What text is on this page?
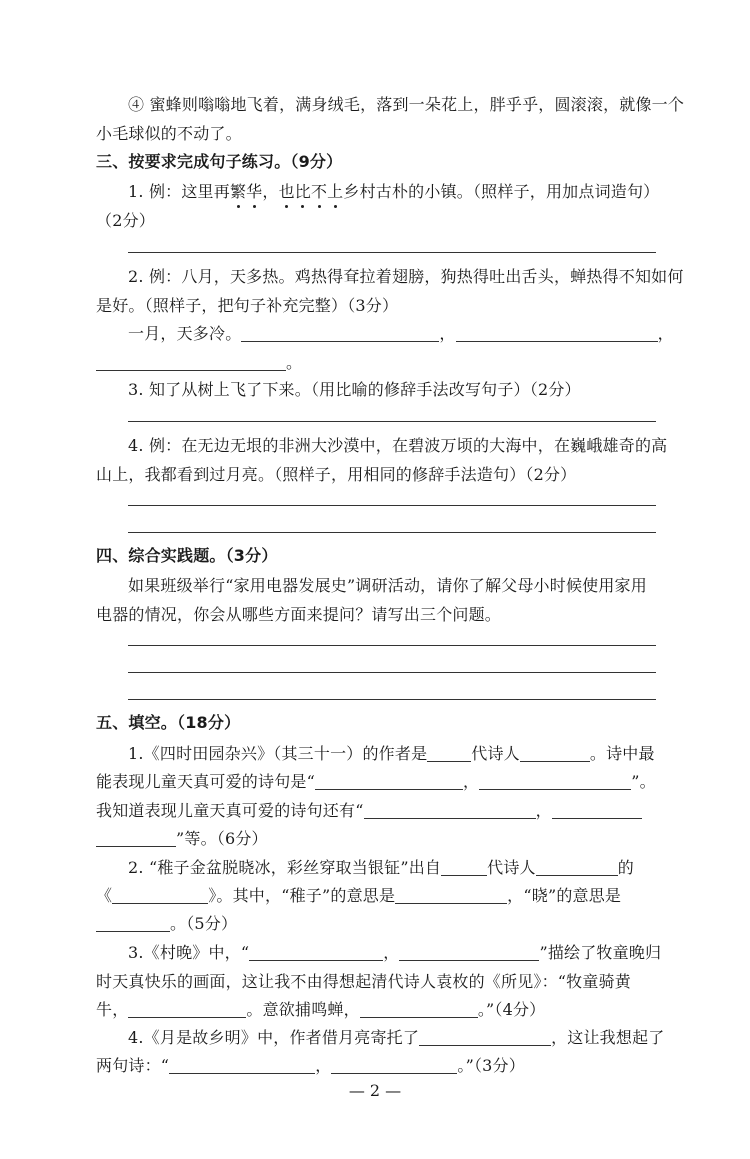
④ 蜜蜂则嗡嗡地飞着，满身绒毛，落到一朵花上，胖乎乎，圆滚滚，就像一个
小毛球似的不动了。
三、按要求完成句子练习。（9分）
1. 例：这里再繁华，也比不上乡村古朴的小镇。（照样子，用加点词造句）
（2分）
2. 例：八月，天多热。鸡热得耷拉着翅膀，狗热得吐出舌头，蝉热得不知如何
是好。（照样子，把句子补充完整）（3分）
一月，天多冷。	，	，
。
3. 知了从树上飞了下来。（用比喻的修辞手法改写句子）（2分）
4. 例：在无边无垠的非洲大沙漠中，在碧波万顷的大海中，在巍峨雄奇的高
山上，我都看到过月亮。（照样子，用相同的修辞手法造句）（2分）
四、综合实践题。（3分）
如果班级举行“家用电器发展史”调研活动，请你了解父母小时候使用家用
电器的情况，你会从哪些方面来提问？请写出三个问题。
五、填空。（18分）
1.《四时田园杂兴》（其三十一）的作者是	代诗人	。诗中最
能表现儿童天真可爱的诗句是“	，	”。
我知道表现儿童天真可爱的诗句还有“	，
”等。（6分）
2. “稚子金盆脱晓冰，彩丝穿取当银钲”出自	代诗人	的
《	》。其中，“稚子”的意思是	，“晓”的意思是
。（5分）
3.《村晚》中，“	，	”描绘了牧童晚归
时天真快乐的画面，这让我不由得想起清代诗人袁枚的《所见》：“牧童骑黄
牛，	。意欲捕鸣蝉，	。”（4分）
4.《月是故乡明》中，作者借月亮寄托了	，这让我想起了
两句诗：“	，	。”（3分）
— 2 —
